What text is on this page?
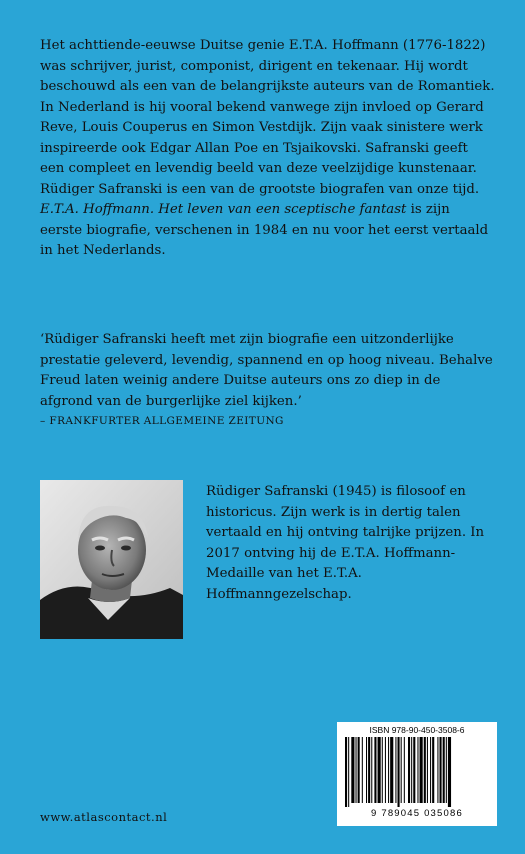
Het achttiende-eeuwse Duitse genie E.T.A. Hoffmann (1776-1822) was schrijver, jurist, componist, dirigent en tekenaar. Hij wordt beschouwd als een van de belangrijkste auteurs van de Romantiek. In Nederland is hij vooral bekend vanwege zijn invloed op Gerard Reve, Louis Couperus en Simon Vestdijk. Zijn vaak sinistere werk inspireerde ook Edgar Allan Poe en Tsjaikovski. Safranski geeft een compleet en levendig beeld van deze veelzijdige kunstenaar.
Rüdiger Safranski is een van de grootste biografen van onze tijd. E.T.A. Hoffmann. Het leven van een sceptische fantast is zijn eerste biografie, verschenen in 1984 en nu voor het eerst vertaald in het Nederlands.

‘Rüdiger Safranski heeft met zijn biografie een uitzonderlijke prestatie geleverd, levendig, spannend en op hoog niveau. Behalve Freud laten weinig andere Duitse auteurs ons zo diep in de afgrond van de burgerlijke ziel kijken.’

– FRANKFURTER ALLGEMEINE ZEITUNG

Rüdiger Safranski (1945) is filosoof en historicus. Zijn werk is in dertig talen vertaald en hij ontving talrijke prijzen. In 2017 ontving hij de E.T.A. Hoffmann-Medaille van het E.T.A. Hoffmanngezelschap.

ISBN 978-90-450-3508-6
9 789045 035086
www.atlascontact.nl
